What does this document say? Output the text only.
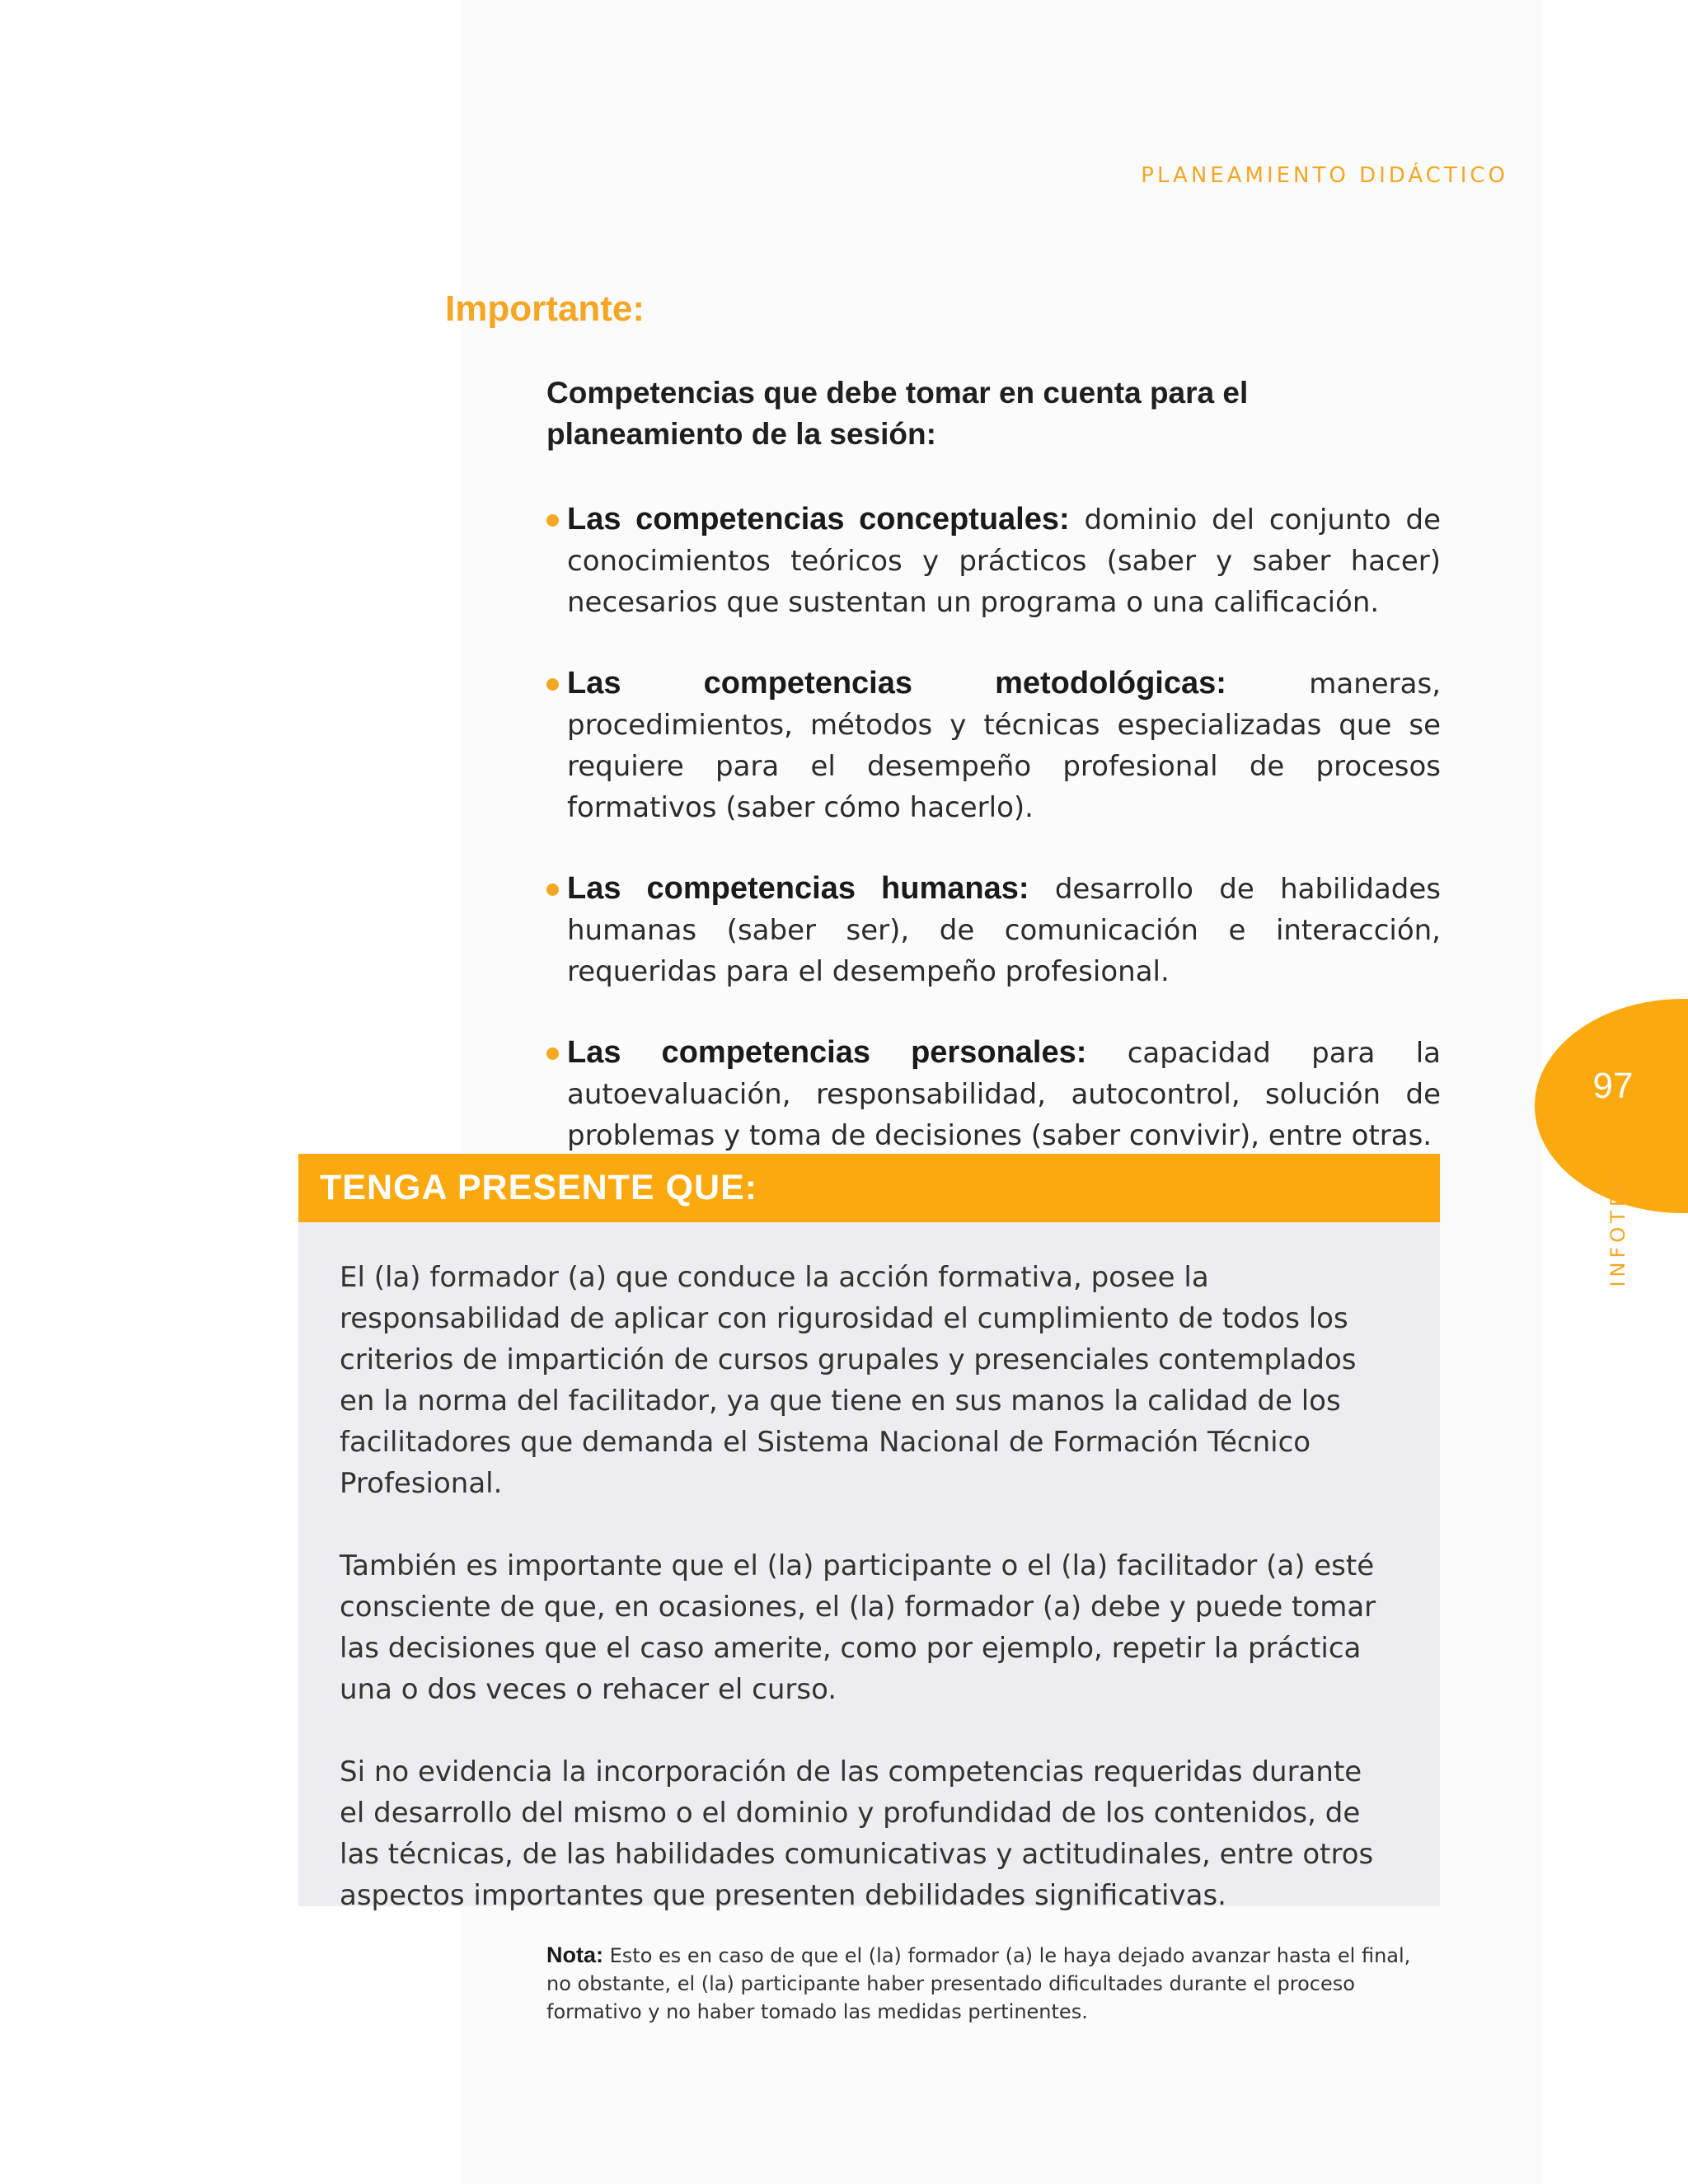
PLANEAMIENTO DIDÁCTICO
Importante:
Competencias que debe tomar en cuenta para el planeamiento de la sesión:
Las competencias conceptuales: dominio del conjunto de conocimientos teóricos y prácticos (saber y saber hacer) necesarios que sustentan un programa o una calificación.
Las competencias metodológicas:	maneras, procedimientos, métodos y técnicas especializadas que se requiere para el desempeño profesional de procesos formativos (saber cómo hacerlo).
Las competencias humanas: desarrollo de habilidades humanas (saber ser), de comunicación e interacción, requeridas para el desempeño profesional.
Las competencias personales: capacidad para la autoevaluación, responsabilidad, autocontrol, solución de problemas y toma de decisiones (saber convivir), entre otras.
TENGA PRESENTE QUE:

El (la) formador (a) que conduce la acción formativa, posee la responsabilidad de aplicar con rigurosidad el cumplimiento de todos los criterios de impartición de cursos grupales y presenciales contemplados en la norma del facilitador, ya que tiene en sus manos la calidad de los facilitadores que demanda el Sistema Nacional de Formación Técnico Profesional.

También es importante que el (la) participante o el (la) facilitador (a) esté consciente de que, en ocasiones, el (la) formador (a) debe y puede tomar las decisiones que el caso amerite, como por ejemplo, repetir la práctica una o dos veces o rehacer el curso.

Si no evidencia la incorporación de las competencias requeridas durante el desarrollo del mismo o el dominio y profundidad de los contenidos, de las técnicas, de las habilidades comunicativas y actitudinales, entre otros aspectos importantes que presenten debilidades significativas.

Nota: Esto es en caso de que el (la) formador (a) le haya dejado avanzar hasta el final, no obstante, el (la) participante haber presentado dificultades durante el proceso formativo y no haber tomado las medidas pertinentes.
97
INFOTEP
